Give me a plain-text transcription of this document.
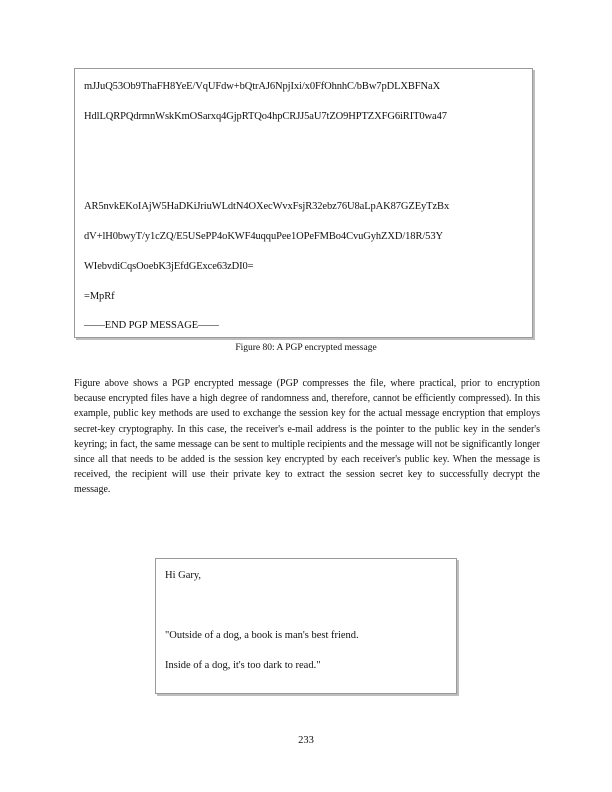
mJJuQ53Ob9ThaFH8YeE/VqUFdw+bQtrAJ6NpjIxi/x0FfOhnhC/bBw7pDLXBFNaX
HdlLQRPQdrmnWskKmOSarxq4GjpRTQo4hpCRJJ5aU7tZO9HPTZXFG6iRIT0wa47
AR5nvkEKoIAjW5HaDKiJriuWLdtN4OXecWvxFsjR32ebz76U8aLpAK87GZEyTzBx
dV+lH0bwyT/y1cZQ/E5USePP4oKWF4uqquPee1OPeFMBo4CvuGyhZXD/18R/53Y
WIebvdiCqsOoebK3jEfdGExce63zDI0=
=MpRf
——END PGP MESSAGE——
Figure 80: A PGP encrypted message

Figure above shows a PGP encrypted message (PGP compresses the file, where practical, prior to encryption because encrypted files have a high degree of randomness and, therefore, cannot be efficiently compressed). In this example, public key methods are used to exchange the session key for the actual message encryption that employs secret-key cryptography. In this case, the receiver's e-mail address is the pointer to the public key in the sender's keyring; in fact, the same message can be sent to multiple recipients and the message will not be significantly longer since all that needs to be added is the session key encrypted by each receiver's public key. When the message is received, the recipient will use their private key to extract the session secret key to successfully decrypt the message.

Hi Gary,
"Outside of a dog, a book is man's best friend.
Inside of a dog, it's too dark to read."
233
